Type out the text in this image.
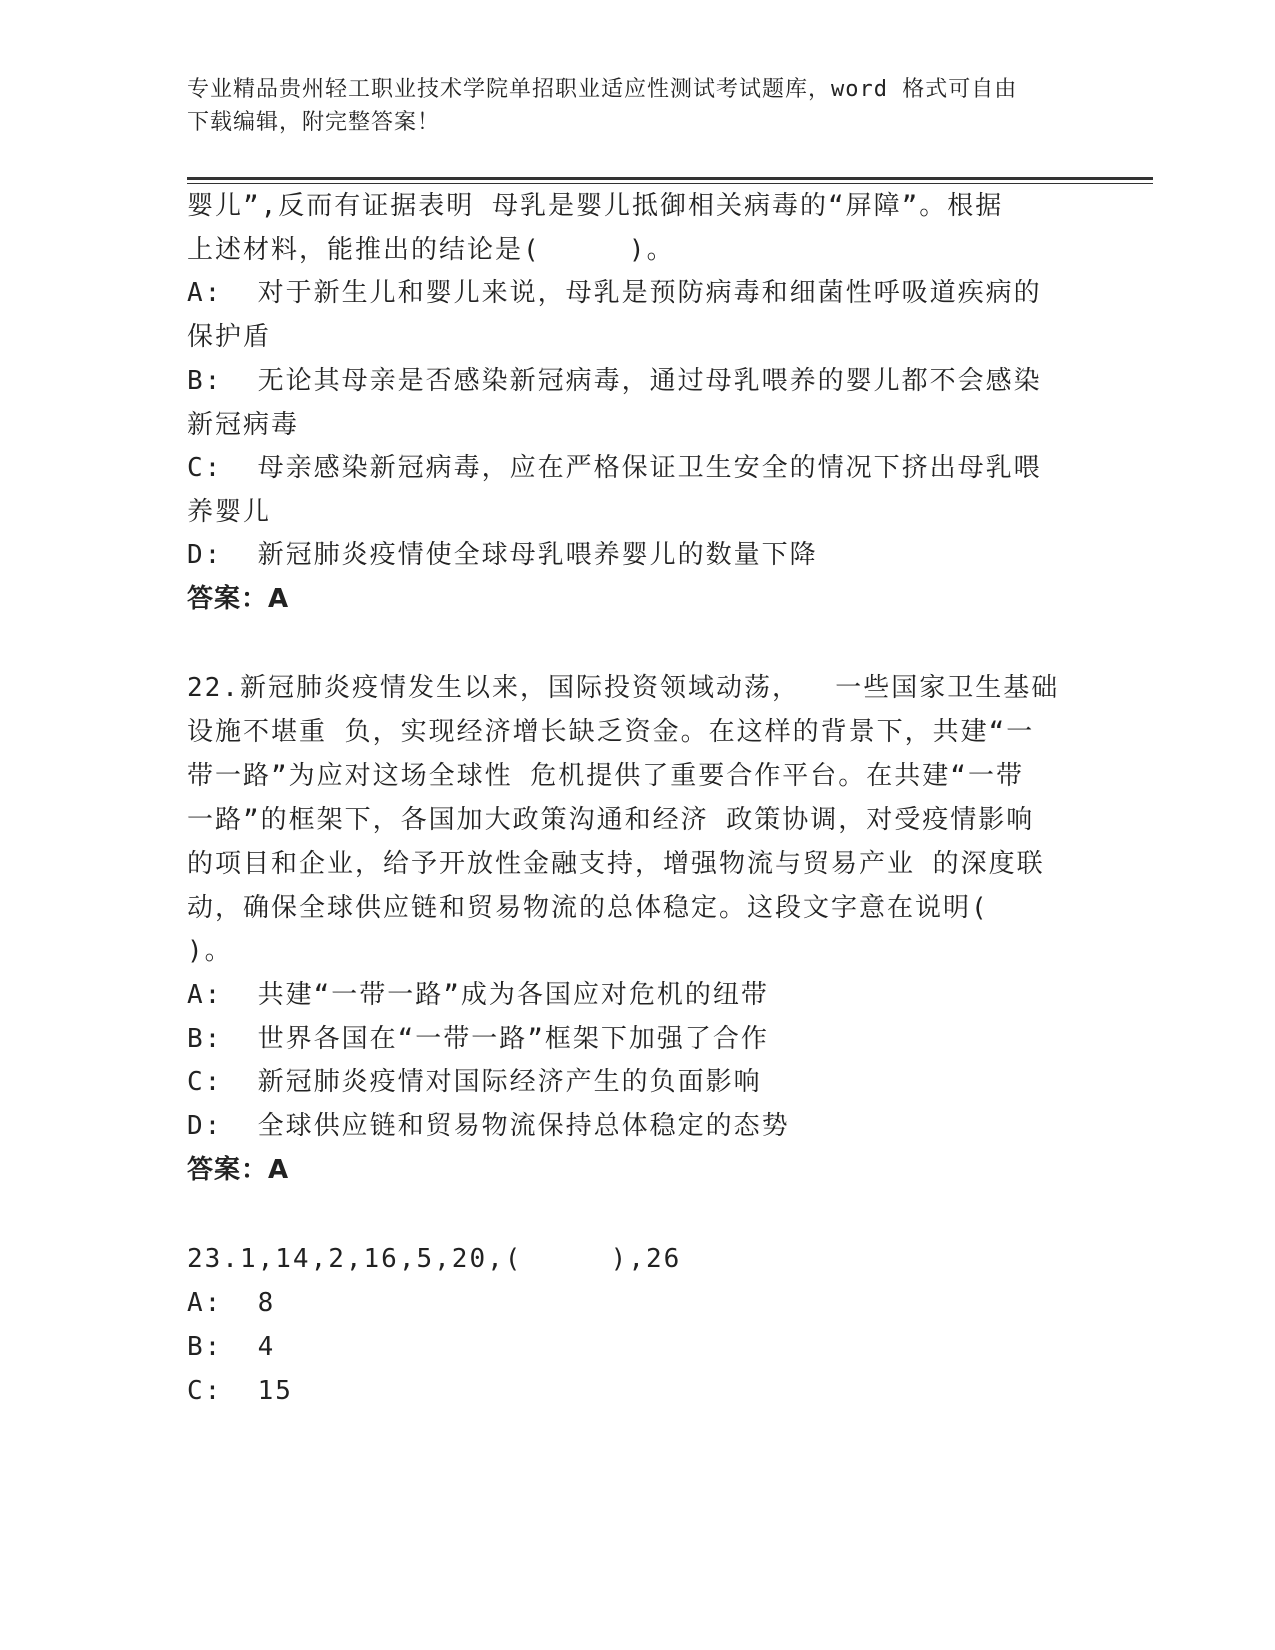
专业精品贵州轻工职业技术学院单招职业适应性测试考试题库，word 格式可自由
下载编辑，附完整答案！
婴儿”,反而有证据表明 母乳是婴儿抵御相关病毒的“屏障”。根据
上述材料，能推出的结论是(     )。
A:  对于新生儿和婴儿来说，母乳是预防病毒和细菌性呼吸道疾病的
保护盾
B:  无论其母亲是否感染新冠病毒，通过母乳喂养的婴儿都不会感染
新冠病毒
C:  母亲感染新冠病毒，应在严格保证卫生安全的情况下挤出母乳喂
养婴儿
D:  新冠肺炎疫情使全球母乳喂养婴儿的数量下降
答案：A
22.新冠肺炎疫情发生以来，国际投资领域动荡，  一些国家卫生基础
设施不堪重 负，实现经济增长缺乏资金。在这样的背景下，共建“一
带一路”为应对这场全球性 危机提供了重要合作平台。在共建“一带
一路”的框架下，各国加大政策沟通和经济 政策协调，对受疫情影响
的项目和企业，给予开放性金融支持，增强物流与贸易产业 的深度联
动，确保全球供应链和贸易物流的总体稳定。这段文字意在说明(
)。
A:  共建“一带一路”成为各国应对危机的纽带
B:  世界各国在“一带一路”框架下加强了合作
C:  新冠肺炎疫情对国际经济产生的负面影响
D:  全球供应链和贸易物流保持总体稳定的态势
答案：A
23.1,14,2,16,5,20,(     ),26
A:  8
B:  4
C:  15
